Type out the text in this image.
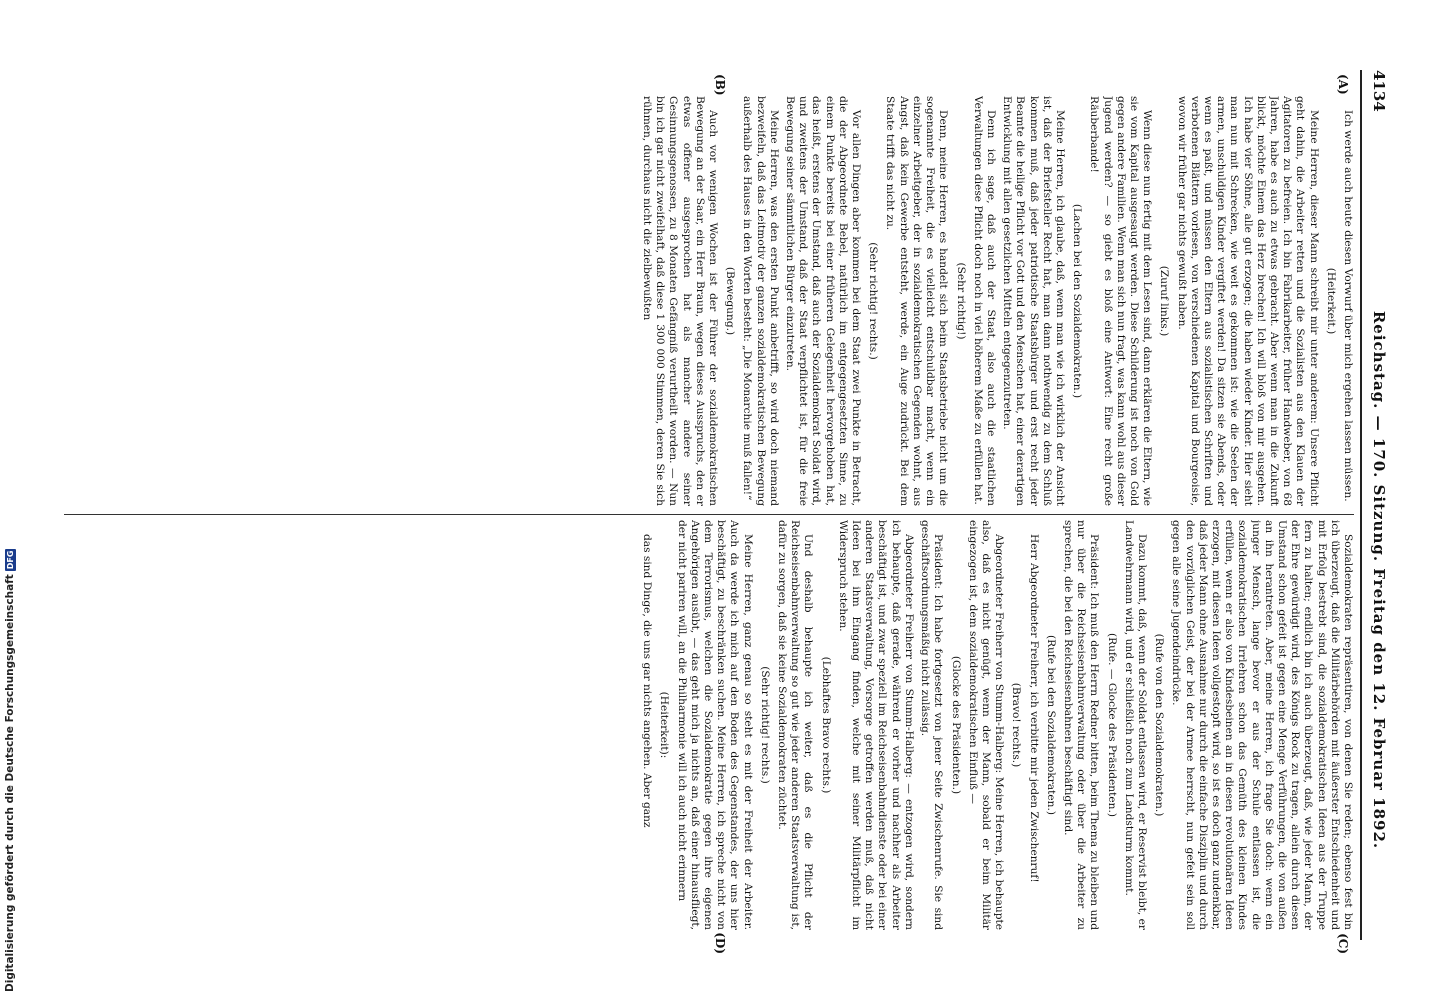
4134
Reichstag. — 170. Sitzung. Freitag den 12. Februar 1892.
(A)
(B)
(C)
(D)

Ich werde auch heute diesen Vorwurf über mich ergehen lassen müssen.

(Heiterkeit.)

Meine Herren, dieser Mann schreibt mir unter anderem: Unsere Pflicht geht dahin, die Arbeiter retten und die Sozialisten aus den Klauen der Agitatoren zu befreien. Ich bin Fabrikarbeiter, früher Handweber, von 68 Jahren, habe es auch zu etwas gebracht. Aber wenn man in die Zukunft blickt, möchte Einem das Herz brechen! Ich will bloß von mir ausgehen. Ich habe vier Söhne, alle gut erzogen; die haben wieder Kinder. Hier sieht man nun mit Schrecken, wie weit es gekommen ist: wie die Seelen der armen, unschuldigen Kinder vergiftet werden! Da sitzen sie Abends, oder wenn es paßt, und müssen den Eltern aus sozialistischen Schriften und verbotenen Blättern vorlesen, von verschiedenen Kapital und Bourgeoisie, wovon wir früher gar nichts gewußt haben.

(Zuruf links.)

Wenn diese nun fertig mit dem Lesen sind, dann erklären die Eltern, wie sie vom Kapital ausgesaugt werden. Diese Schilderung ist noch von Gold gegen andere Familien. Wenn man sich nun fragt, was kann wohl aus dieser Jugend werden? — so giebt es bloß eine Antwort: Eine recht große Räuberbande!

(Lachen bei den Sozialdemokraten.)

Meine Herren, ich glaube, daß, wenn man wie ich wirklich der Ansicht ist, daß der Briefsteller Recht hat, man dann nothwendig zu dem Schluß kommen muß, daß jeder patriotische Staatsbürger und erst recht jeder Beamte die heilige Pflicht vor Gott und den Menschen hat, einer derartigen Entwicklung mit allen gesetzlichen Mitteln entgegenzutreten.

Denn ich sage, daß auch der Staat, also auch die staatlichen Verwaltungen diese Pflicht doch noch in viel höherem Maße zu erfüllen hat.

(Sehr richtig!)

Denn, meine Herren, es handelt sich beim Staatsbetriebe nicht um die sogenannte Freiheit, die es vielleicht entschuldbar macht, wenn ein einzelner Arbeitgeber, der in sozialdemokratischen Gegenden wohnt, aus Angst, daß kein Gewerbe entsteht, werde, ein Auge zudrückt. Bei dem Staate trifft das nicht zu.

(Sehr richtig! rechts.)

Vor allen Dingen aber kommen bei dem Staat zwei Punkte in Betracht, die der Abgeordnete Bebel, natürlich im entgegengesetzten Sinne, zu einem Punkte bereits bei einer früheren Gelegenheit hervorgehoben hat, das heißt, erstens der Umstand, daß auch der Sozialdemokrat Soldat wird, und zweitens der Umstand, daß der Staat verpflichtet ist, für die freie Bewegung seiner sämmtlichen Bürger einzutreten.

Meine Herren, was den ersten Punkt anbetrifft, so wird doch niemand bezweifeln, daß das Leitmotiv der ganzen sozialdemokratischen Bewegung außerhalb des Hauses in den Worten besteht: „Die Monarchie muß fallen!“

(Bewegung.)

Auch vor wenigen Wochen ist der Führer der sozialdemokratischen Bewegung an der Saar, ein Herr Braun, wegen dieses Ausspruchs, den er etwas offener ausgesprochen hat als mancher andere seiner Gesinnungsgenossen, zu 8 Monaten Gefängniß verurtheilt worden. — Nun bin ich gar nicht zweifelhaft, daß diese 1 300 000 Stimmen, deren Sie sich rühmen, durchaus nicht die zielbewußten

Sozialdemokraten repräsentiren, von denen Sie reden; ebenso fest bin ich überzeugt, daß die Militärbehörden mit äußerster Entschiedenheit und mit Erfolg bestrebt sind, die sozialdemokratischen Ideen aus der Truppe fern zu halten; endlich bin ich auch überzeugt, daß, wie jeder Mann, der der Ehre gewürdigt wird, des Königs Rock zu tragen, allein durch diesen Umstand schon gefeit ist gegen eine Menge Verführungen, die von außen an ihn herantreten. Aber, meine Herren, ich frage Sie doch: wenn ein junger Mensch, lange bevor er aus der Schule entlassen ist, die sozialdemokratischen Irrlehren schon das Gemüth des kleinen Kindes erfüllen, wenn er also von Kindesbeinen an in diesen revolutionären Ideen erzogen, mit diesen Ideen vollgestopft wird, so ist es doch ganz undenkbar, daß jeder Mann ohne Ausnahme nur durch die einfache Disziplin und durch den vorzüglichen Geist, der bei der Armee herrscht, nun gefeit sein soll gegen alle seine Jugendeindrücke.

(Rufe von den Sozialdemokraten.)

Dazu kommt, daß, wenn der Soldat entlassen wird, er Reservist bleibt, er Landwehrmann wird, und er schließlich noch zum Landsturm kommt.

(Rufe. — Glocke des Präsidenten.)

Präsident: Ich muß den Herrn Redner bitten, beim Thema zu bleiben und nur über die Reichseisenbahnverwaltung oder über die Arbeiter zu sprechen, die bei den Reichseisenbahnen beschäftigt sind.

(Rufe bei den Sozialdemokraten.)

Herr Abgeordneter Freiherr, ich verbitte mir jeden Zwischenruf!

(Bravo! rechts.)

Abgeordneter Freiherr von Stumm-Halberg: Meine Herren, ich behaupte also, daß es nicht genügt, wenn der Mann, sobald er beim Militär eingezogen ist, dem sozialdemokratischen Einfluß —

(Glocke des Präsidenten.)

Präsident: Ich habe fortgesetzt von jener Seite Zwischenrufe. Sie sind geschäftsordnungsmäßig nicht zulässig.

Abgeordneter Freiherr von Stumm-Halberg: — entzogen wird, sondern ich behaupte, daß gerade, während er vorher und nachher als Arbeiter beschäftigt ist, und zwar speziell im Reichseisenbahndienste oder bei einer anderen Staatsverwaltung, Vorsorge getroffen werden muß, daß nicht Ideen bei ihm Eingang finden, welche mit seiner Militärpflicht im Widerspruch stehen.

(Lebhaftes Bravo rechts.)

Und deshalb behaupte ich weiter, daß es die Pflicht der Reichseisenbahnverwaltung so gut wie jeder anderen Staatsverwaltung ist, dafür zu sorgen, daß sie keine Sozialdemokraten züchtet.

(Sehr richtig! rechts.)

Meine Herren, ganz genau so steht es mit der Freiheit der Arbeiter. Auch da werde ich mich auf den Boden des Gegenstandes, der uns hier beschäftigt, zu beschränken suchen. Meine Herren, ich spreche nicht von dem Terrorismus, welchen die Sozialdemokratie gegen ihre eigenen Angehörigen ausübt, — das geht mich ja nichts an, daß einer hinausfliegt, der nicht pariren will, an die Philharmonie will ich auch nicht erinnern

(Heiterkeit):

das sind Dinge, die uns gar nichts angehen. Aber ganz

Digitalisierung gefördert durch die Deutsche ForschungsgemeinschaftDFG
